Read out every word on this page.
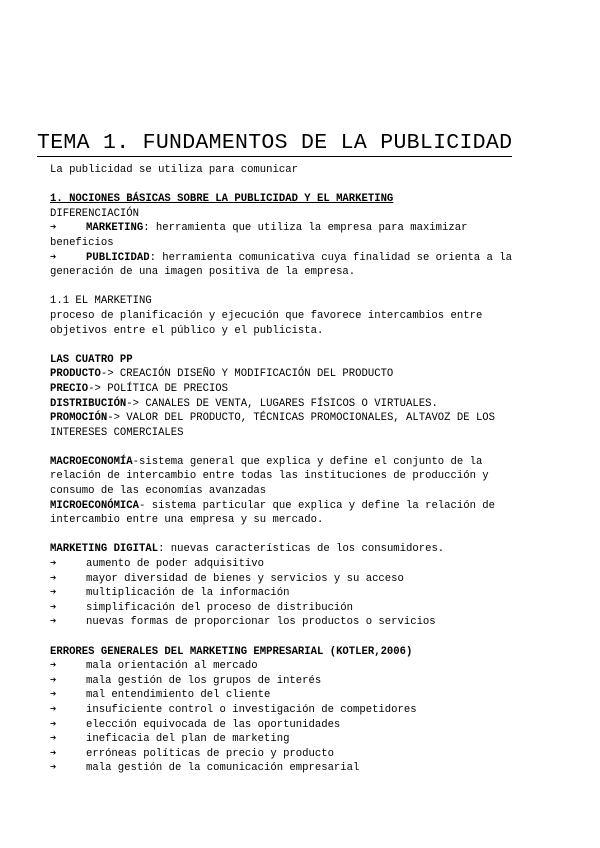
TEMA 1. FUNDAMENTOS DE LA PUBLICIDAD
La publicidad se utiliza para comunicar
1. NOCIONES BÁSICAS SOBRE LA PUBLICIDAD Y EL MARKETING
DIFERENCIACIÓN
➔	MARKETING: herramienta que utiliza la empresa para maximizar
beneficios
➔	PUBLICIDAD: herramienta comunicativa cuya finalidad se orienta a la
generación de una imagen positiva de la empresa.
1.1 EL MARKETING
proceso de planificación y ejecución que favorece intercambios entre
objetivos entre el público y el publicista.
LAS CUATRO PP
PRODUCTO-> CREACIÓN DISEÑO Y MODIFICACIÓN DEL PRODUCTO
PRECIO-> POLÍTICA DE PRECIOS
DISTRIBUCIÓN-> CANALES DE VENTA, LUGARES FÍSICOS O VIRTUALES.
PROMOCIÓN-> VALOR DEL PRODUCTO, TÉCNICAS PROMOCIONALES, ALTAVOZ DE LOS
INTERESES COMERCIALES
MACROECONOMÍA-sistema general que explica y define el conjunto de la
relación de intercambio entre todas las instituciones de producción y
consumo de las economías avanzadas
MICROECONÓMICA- sistema particular que explica y define la relación de
intercambio entre una empresa y su mercado.
MARKETING DIGITAL: nuevas características de los consumidores.
➔	aumento de poder adquisitivo
➔	mayor diversidad de bienes y servicios y su acceso
➔	multiplicación de la información
➔	simplificación del proceso de distribución
➔	nuevas formas de proporcionar los productos o servicios
ERRORES GENERALES DEL MARKETING EMPRESARIAL (KOTLER,2006)
➔	mala orientación al mercado
➔	mala gestión de los grupos de interés
➔	mal entendimiento del cliente
➔	insuficiente control o investigación de competidores
➔	elección equivocada de las oportunidades
➔	ineficacia del plan de marketing
➔	erróneas políticas de precio y producto
➔	mala gestión de la comunicación empresarial
